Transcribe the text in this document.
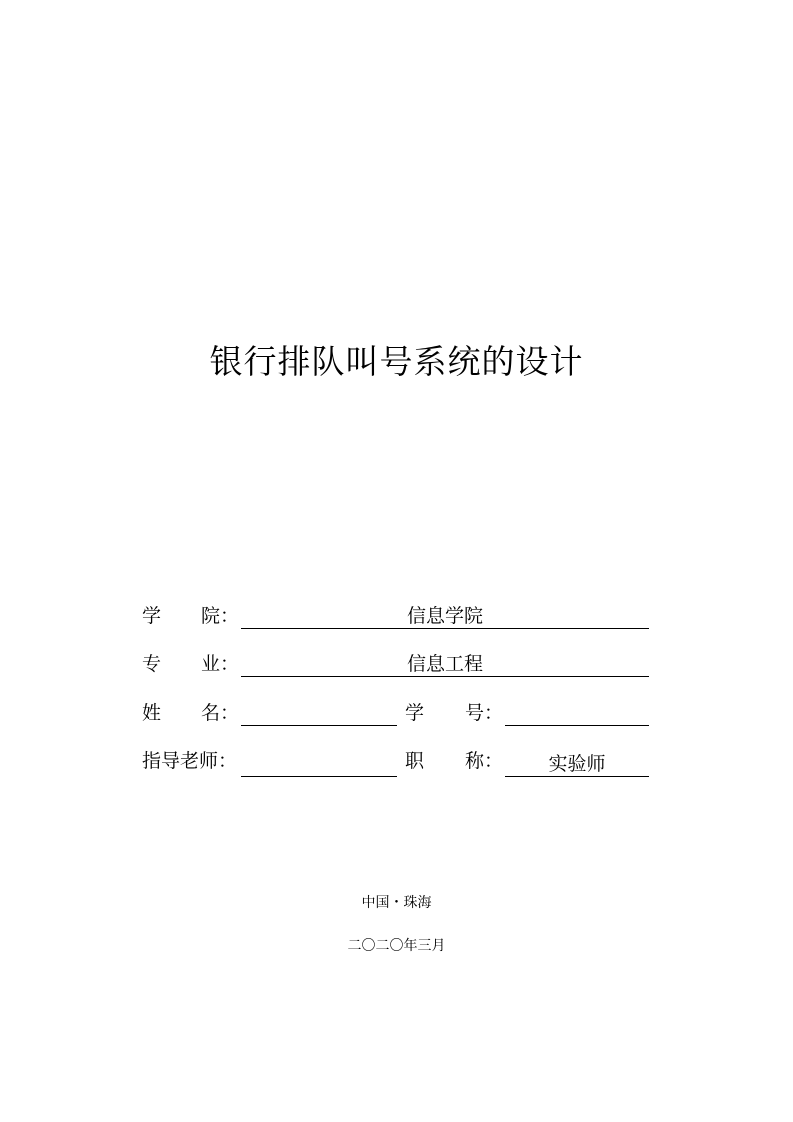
银行排队叫号系统的设计
学 院：	信息学院
专 业：	信息工程
姓 名：	学 号：
指导老师：	职 称：	实验师
中国・珠海
二〇二〇年三月
